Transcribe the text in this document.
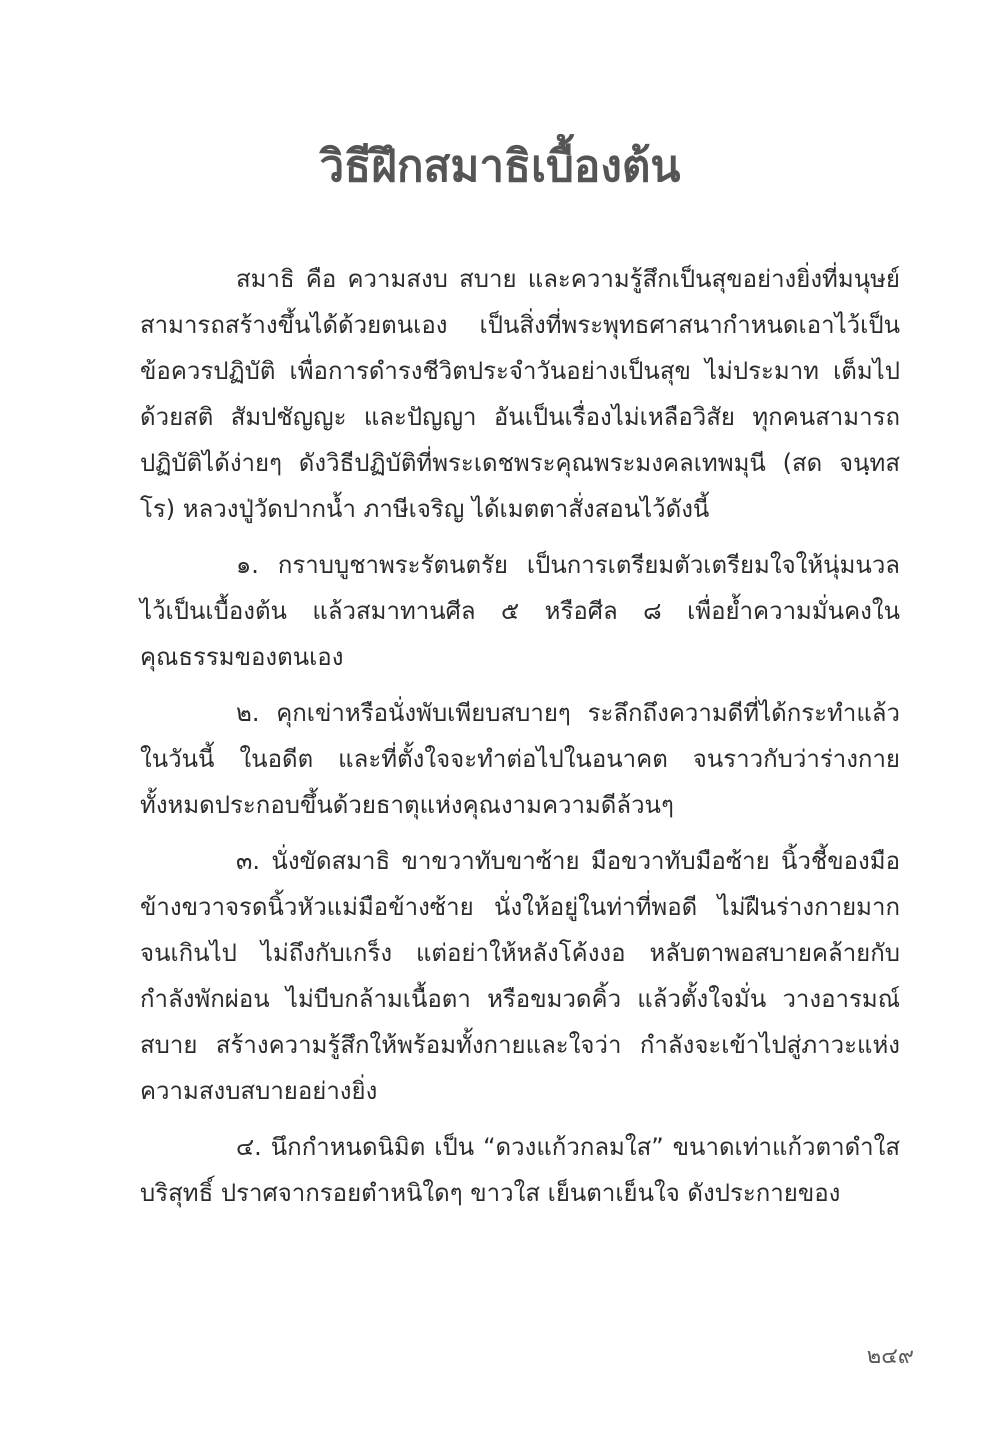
วิธีฝึกสมาธิเบื้องต้น

สมาธิ คือ ความสงบ สบาย และความรู้สึกเป็นสุขอย่างยิ่งที่มนุษย์สามารถสร้างขึ้นได้ด้วยตนเอง เป็นสิ่งที่พระพุทธศาสนากำหนดเอาไว้เป็นข้อควรปฏิบัติ เพื่อการดำรงชีวิตประจำวันอย่างเป็นสุข ไม่ประมาท เต็มไปด้วยสติ สัมปชัญญะ และปัญญา อันเป็นเรื่องไม่เหลือวิสัย ทุกคนสามารถปฏิบัติได้ง่ายๆ ดังวิธีปฏิบัติที่พระเดชพระคุณพระมงคลเทพมุนี (สด จนฺทสโร) หลวงปู่วัดปากน้ำ ภาษีเจริญ ได้เมตตาสั่งสอนไว้ดังนี้

๑. กราบบูชาพระรัตนตรัย เป็นการเตรียมตัวเตรียมใจให้นุ่มนวลไว้เป็นเบื้องต้น แล้วสมาทานศีล ๕ หรือศีล ๘ เพื่อย้ำความมั่นคงในคุณธรรมของตนเอง

๒. คุกเข่าหรือนั่งพับเพียบสบายๆ ระลึกถึงความดีที่ได้กระทำแล้วในวันนี้ ในอดีต และที่ตั้งใจจะทำต่อไปในอนาคต จนราวกับว่าร่างกายทั้งหมดประกอบขึ้นด้วยธาตุแห่งคุณงามความดีล้วนๆ

๓. นั่งขัดสมาธิ ขาขวาทับขาซ้าย มือขวาทับมือซ้าย นิ้วชี้ของมือข้างขวาจรดนิ้วหัวแม่มือข้างซ้าย นั่งให้อยู่ในท่าที่พอดี ไม่ฝืนร่างกายมากจนเกินไป ไม่ถึงกับเกร็ง แต่อย่าให้หลังโค้งงอ หลับตาพอสบายคล้ายกับกำลังพักผ่อน ไม่บีบกล้ามเนื้อตา หรือขมวดคิ้ว แล้วตั้งใจมั่น วางอารมณ์สบาย สร้างความรู้สึกให้พร้อมทั้งกายและใจว่า กำลังจะเข้าไปสู่ภาวะแห่งความสงบสบายอย่างยิ่ง

๔. นึกกำหนดนิมิต เป็น “ดวงแก้วกลมใส” ขนาดเท่าแก้วตาดำใสบริสุทธิ์ ปราศจากรอยตำหนิใดๆ ขาวใส เย็นตาเย็นใจ ดังประกายของ

๒๔๙
